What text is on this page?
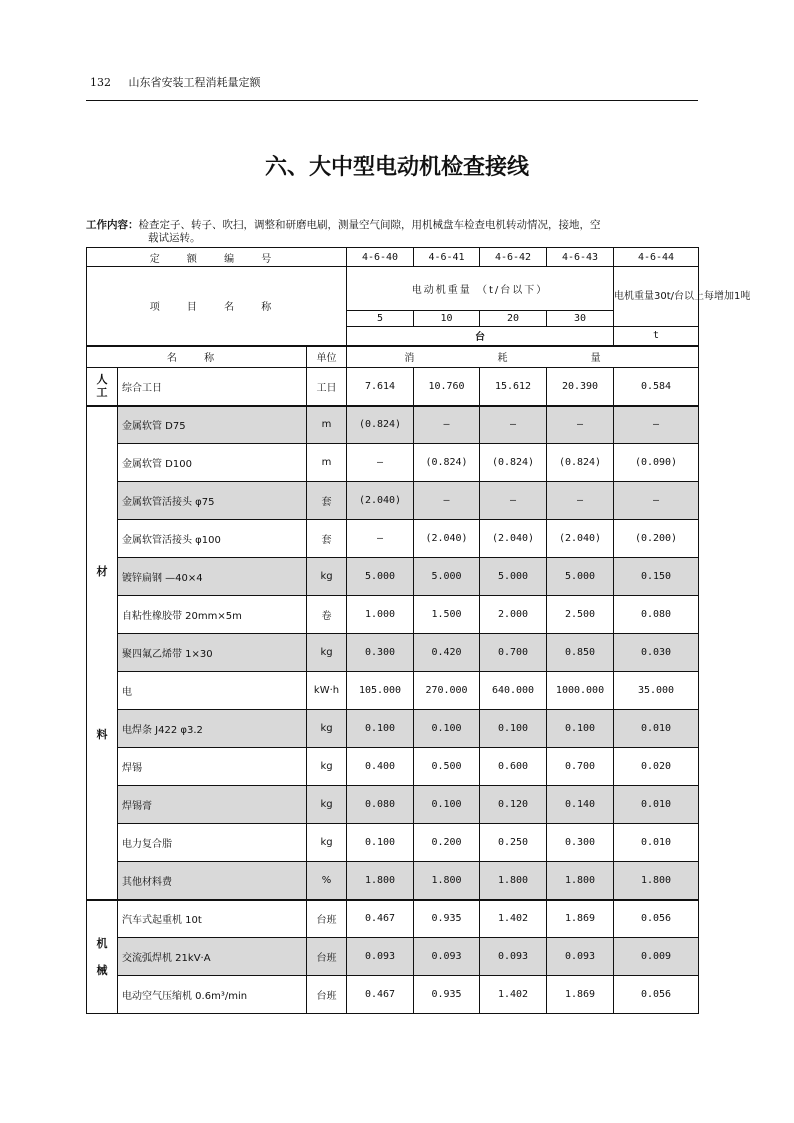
132 山东省安装工程消耗量定额
六、大中型电动机检查接线
工作内容：检查定子、转子、吹扫，调整和研磨电刷，测量空气间隙，用机械盘车检查电机转动情况，接地，空
载试运转。
定 额 编 号			4-6-40	4-6-41	4-6-42	4-6-43	4-6-44
项 目 名 称			电动机重量 （t/台以下）				电机重量30t/台以上每增加1吨
			5	10	20	30	
			台				t
名 称		单位	消 耗 量				
人工	综合工日	工日	7.614	10.760	15.612	20.390	0.584

材
料	金属软管 D75	m	(0.824)	—	—	—	—
	金属软管 D100	m	—	(0.824)	(0.824)	(0.824)	(0.090)
	金属软管活接头 φ75	套	(2.040)	—	—	—	—
	金属软管活接头 φ100	套	—	(2.040)	(2.040)	(2.040)	(0.200)
	镀锌扁钢 —40×4	kg	5.000	5.000	5.000	5.000	0.150
	自粘性橡胶带 20mm×5m	卷	1.000	1.500	2.000	2.500	0.080
	聚四氟乙烯带 1×30	kg	0.300	0.420	0.700	0.850	0.030
	电	kW·h	105.000	270.000	640.000	1000.000	35.000
	电焊条 J422 φ3.2	kg	0.100	0.100	0.100	0.100	0.010
	焊锡	kg	0.400	0.500	0.600	0.700	0.020
	焊锡膏	kg	0.080	0.100	0.120	0.140	0.010
	电力复合脂	kg	0.100	0.200	0.250	0.300	0.010
	其他材料费	%	1.800	1.800	1.800	1.800	1.800

机
械	汽车式起重机 10t	台班	0.467	0.935	1.402	1.869	0.056
	交流弧焊机 21kV·A	台班	0.093	0.093	0.093	0.093	0.009
	电动空气压缩机 0.6m³/min	台班	0.467	0.935	1.402	1.869	0.056
